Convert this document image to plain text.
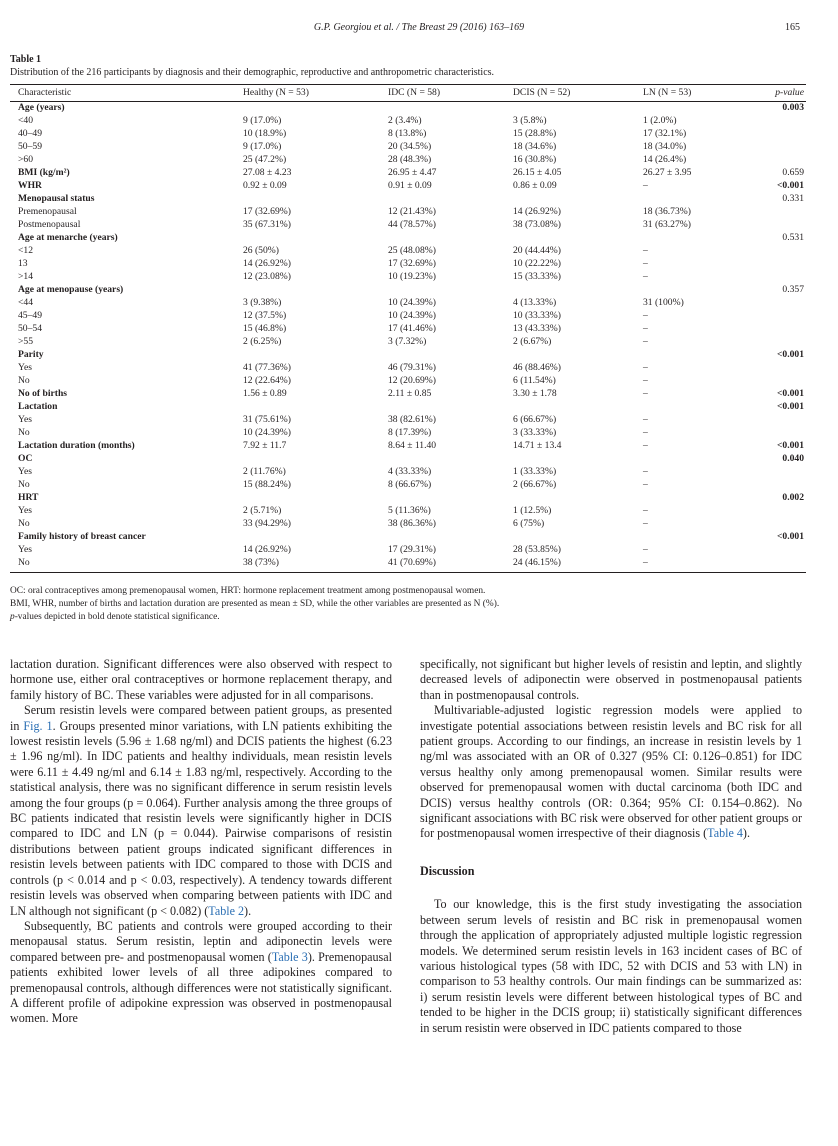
G.P. Georgiou et al. / The Breast 29 (2016) 163–169	165
Table 1
Distribution of the 216 participants by diagnosis and their demographic, reproductive and anthropometric characteristics.
Characteristic	Healthy (N = 53)	IDC (N = 58)	DCIS (N = 52)	LN (N = 53)	p-value
Age (years)					0.003
<40	9 (17.0%)	2 (3.4%)	3 (5.8%)	1 (2.0%)	
40–49	10 (18.9%)	8 (13.8%)	15 (28.8%)	17 (32.1%)	
50–59	9 (17.0%)	20 (34.5%)	18 (34.6%)	18 (34.0%)	
>60	25 (47.2%)	28 (48.3%)	16 (30.8%)	14 (26.4%)	
BMI (kg/m²)	27.08 ± 4.23	26.95 ± 4.47	26.15 ± 4.05	26.27 ± 3.95	0.659
WHR	0.92 ± 0.09	0.91 ± 0.09	0.86 ± 0.09	–	<0.001
Menopausal status					0.331
Premenopausal	17 (32.69%)	12 (21.43%)	14 (26.92%)	18 (36.73%)	
Postmenopausal	35 (67.31%)	44 (78.57%)	38 (73.08%)	31 (63.27%)	
Age at menarche (years)					0.531
<12	26 (50%)	25 (48.08%)	20 (44.44%)	–	
13	14 (26.92%)	17 (32.69%)	10 (22.22%)	–	
>14	12 (23.08%)	10 (19.23%)	15 (33.33%)	–	
Age at menopause (years)					0.357
<44	3 (9.38%)	10 (24.39%)	4 (13.33%)	31 (100%)	
45–49	12 (37.5%)	10 (24.39%)	10 (33.33%)	–	
50–54	15 (46.8%)	17 (41.46%)	13 (43.33%)	–	
>55	2 (6.25%)	3 (7.32%)	2 (6.67%)	–	
Parity					<0.001
Yes	41 (77.36%)	46 (79.31%)	46 (88.46%)	–	
No	12 (22.64%)	12 (20.69%)	6 (11.54%)	–	
No of births	1.56 ± 0.89	2.11 ± 0.85	3.30 ± 1.78	–	<0.001
Lactation					<0.001
Yes	31 (75.61%)	38 (82.61%)	6 (66.67%)	–	
No	10 (24.39%)	8 (17.39%)	3 (33.33%)	–	
Lactation duration (months)	7.92 ± 11.7	8.64 ± 11.40	14.71 ± 13.4	–	<0.001
OC					0.040
Yes	2 (11.76%)	4 (33.33%)	1 (33.33%)	–	
No	15 (88.24%)	8 (66.67%)	2 (66.67%)	–	
HRT					0.002
Yes	2 (5.71%)	5 (11.36%)	1 (12.5%)	–	
No	33 (94.29%)	38 (86.36%)	6 (75%)	–	
Family history of breast cancer					<0.001
Yes	14 (26.92%)	17 (29.31%)	28 (53.85%)	–	
No	38 (73%)	41 (70.69%)	24 (46.15%)	–	

OC: oral contraceptives among premenopausal women, HRT: hormone replacement treatment among postmenopausal women.

BMI, WHR, number of births and lactation duration are presented as mean ± SD, while the other variables are presented as N (%).

p-values depicted in bold denote statistical significance.

lactation duration. Significant differences were also observed with respect to hormone use, either oral contraceptives or hormone replacement therapy, and family history of BC. These variables were adjusted for in all comparisons.

Serum resistin levels were compared between patient groups, as presented in Fig. 1. Groups presented minor variations, with LN patients exhibiting the lowest resistin levels (5.96 ± 1.68 ng/ml) and DCIS patients the highest (6.23 ± 1.96 ng/ml). In IDC patients and healthy individuals, mean resistin levels were 6.11 ± 4.49 ng/ml and 6.14 ± 1.83 ng/ml, respectively. According to the statistical analysis, there was no significant difference in serum resistin levels among the four groups (p = 0.064). Further analysis among the three groups of BC patients indicated that resistin levels were significantly higher in DCIS compared to IDC and LN (p = 0.044). Pairwise comparisons of resistin distributions between patient groups indicated significant differences in resistin levels between patients with IDC compared to those with DCIS and controls (p < 0.014 and p < 0.03, respectively). A tendency towards different resistin levels was observed when comparing between patients with IDC and LN although not significant (p < 0.082) (Table 2).

Subsequently, BC patients and controls were grouped according to their menopausal status. Serum resistin, leptin and adiponectin levels were compared between pre- and postmenopausal women (Table 3). Premenopausal patients exhibited lower levels of all three adipokines compared to premenopausal controls, although differences were not statistically significant. A different profile of adipokine expression was observed in postmenopausal women. More

specifically, not significant but higher levels of resistin and leptin, and slightly decreased levels of adiponectin were observed in postmenopausal patients than in postmenopausal controls.

Multivariable-adjusted logistic regression models were applied to investigate potential associations between resistin levels and BC risk for all patient groups. According to our findings, an increase in resistin levels by 1 ng/ml was associated with an OR of 0.327 (95% CI: 0.126–0.851) for IDC versus healthy only among premenopausal women. Similar results were observed for premenopausal women with ductal carcinoma (both IDC and DCIS) versus healthy controls (OR: 0.364; 95% CI: 0.154–0.862). No significant associations with BC risk were observed for other patient groups or for postmenopausal women irrespective of their diagnosis (Table 4).

Discussion

To our knowledge, this is the first study investigating the association between serum levels of resistin and BC risk in premenopausal women through the application of appropriately adjusted multiple logistic regression models. We determined serum resistin levels in 163 incident cases of BC of various histological types (58 with IDC, 52 with DCIS and 53 with LN) in comparison to 53 healthy controls. Our main findings can be summarized as: i) serum resistin levels were different between histological types of BC and tended to be higher in the DCIS group; ii) statistically significant differences in serum resistin were observed in IDC patients compared to those
